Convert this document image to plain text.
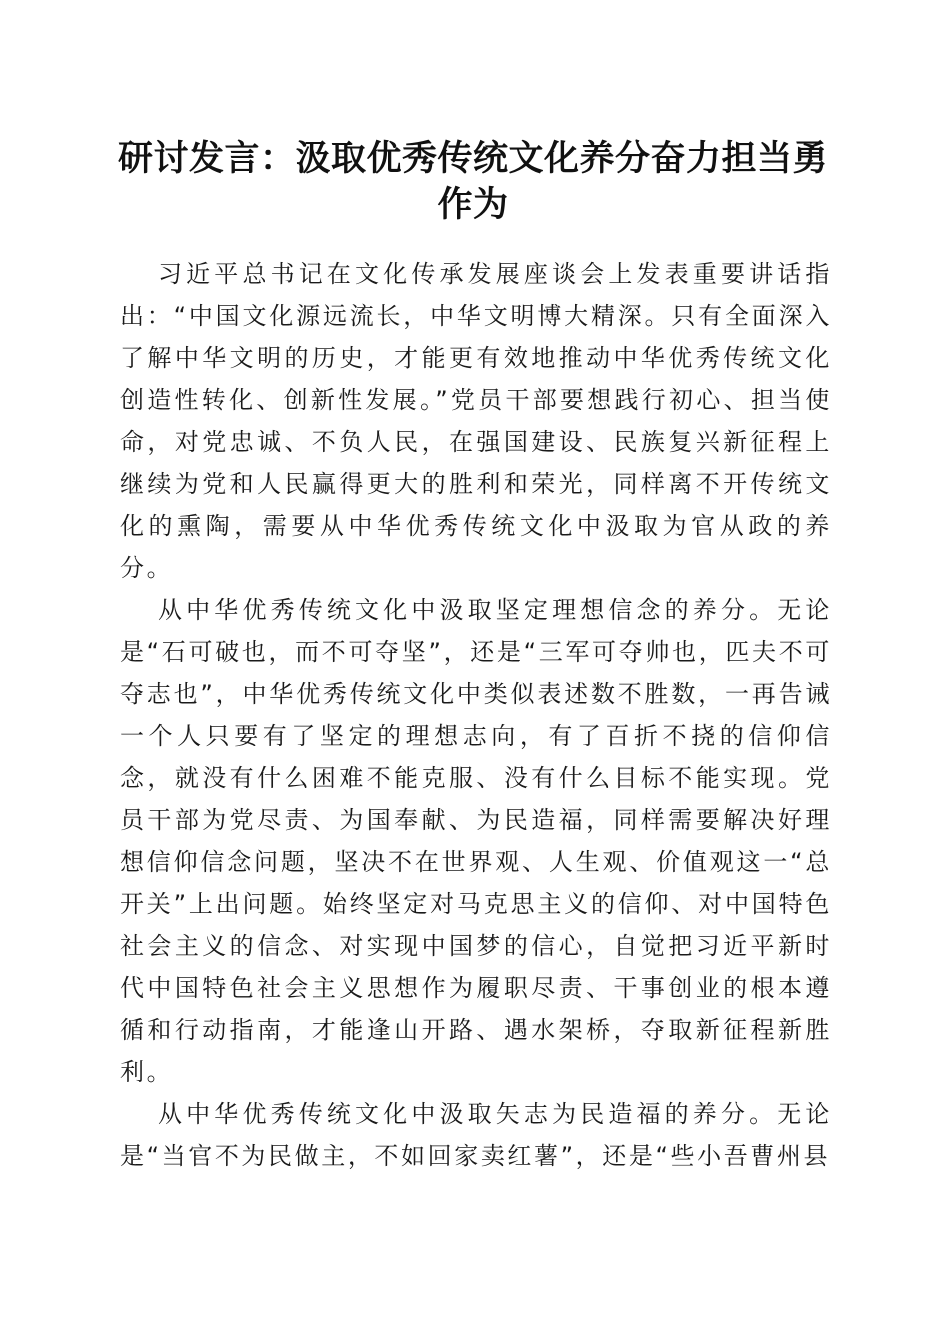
研讨发言：汲取优秀传统文化养分奋力担当勇作为

习近平总书记在文化传承发展座谈会上发表重要讲话指出：“中国文化源远流长，中华文明博大精深。只有全面深入了解中华文明的历史，才能更有效地推动中华优秀传统文化创造性转化、创新性发展。”党员干部要想践行初心、担当使命，对党忠诚、不负人民，在强国建设、民族复兴新征程上继续为党和人民赢得更大的胜利和荣光，同样离不开传统文化的熏陶，需要从中华优秀传统文化中汲取为官从政的养分。

从中华优秀传统文化中汲取坚定理想信念的养分。无论是“石可破也，而不可夺坚”，还是“三军可夺帅也，匹夫不可夺志也”，中华优秀传统文化中类似表述数不胜数，一再告诫一个人只要有了坚定的理想志向，有了百折不挠的信仰信念，就没有什么困难不能克服、没有什么目标不能实现。党员干部为党尽责、为国奉献、为民造福，同样需要解决好理想信仰信念问题，坚决不在世界观、人生观、价值观这一“总开关”上出问题。始终坚定对马克思主义的信仰、对中国特色社会主义的信念、对实现中国梦的信心，自觉把习近平新时代中国特色社会主义思想作为履职尽责、干事创业的根本遵循和行动指南，才能逢山开路、遇水架桥，夺取新征程新胜利。

从中华优秀传统文化中汲取矢志为民造福的养分。无论是“当官不为民做主，不如回家卖红薯”，还是“些小吾曹州县
